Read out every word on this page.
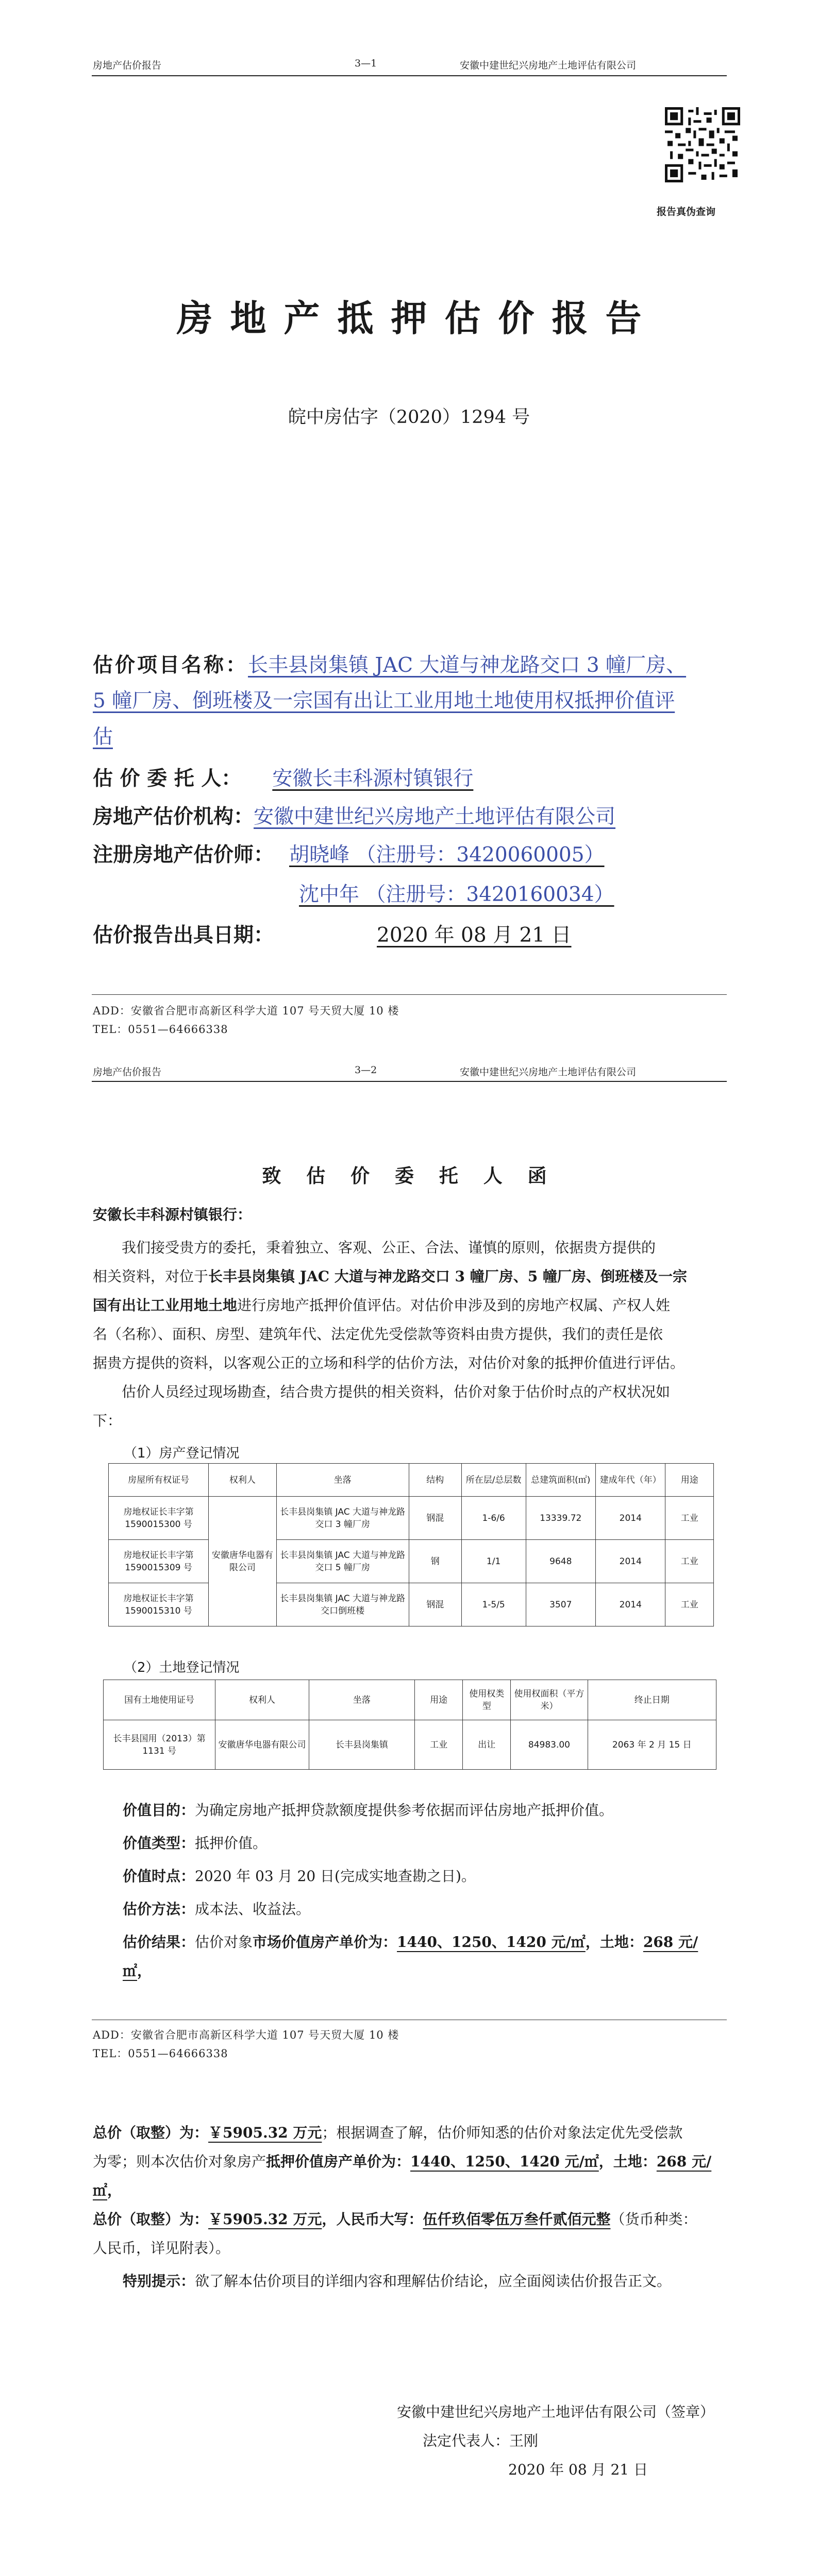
房地产估价报告	3—1	安徽中建世纪兴房地产土地评估有限公司
报告真伪查询
房地产抵押估价报告
皖中房估字（2020）1294 号
估价项目名称：长丰县岗集镇 JAC 大道与神龙路交口 3 幢厂房、
5 幢厂房、倒班楼及一宗国有出让工业用地土地使用权抵押价值评
估
估 价 委 托 人： 安徽长丰科源村镇银行
房地产估价机构：安徽中建世纪兴房地产土地评估有限公司
注册房地产估价师： 胡晓峰 （注册号：3420060005）
沈中年 （注册号：3420160034）
估价报告出具日期：	2020 年 08 月 21 日
ADD：安徽省合肥市高新区科学大道 107 号天贸大厦 10 楼
TEL：0551—64666338
房地产估价报告	3—2	安徽中建世纪兴房地产土地评估有限公司
致 估 价 委 托 人 函
安徽长丰科源村镇银行：
我们接受贵方的委托，秉着独立、客观、公正、合法、谨慎的原则，依据贵方提供的
相关资料，对位于长丰县岗集镇 JAC 大道与神龙路交口 3 幢厂房、5 幢厂房、倒班楼及一宗
国有出让工业用地土地进行房地产抵押价值评估。对估价申涉及到的房地产权属、产权人姓
名（名称）、面积、房型、建筑年代、法定优先受偿款等资料由贵方提供，我们的责任是依
据贵方提供的资料，以客观公正的立场和科学的估价方法，对估价对象的抵押价值进行评估。
估价人员经过现场勘查，结合贵方提供的相关资料，估价对象于估价时点的产权状况如
下：
（1）房产登记情况
房屋所有权证号	权利人	坐落	结构	所在层/总层数	总建筑面积(㎡)	建成年代（年）	用途
房地权证长丰字第1590015300 号	安徽唐华电器有限公司	长丰县岗集镇 JAC 大道与神龙路交口 3 幢厂房	钢混	1-6/6	13339.72	2014	工业
房地权证长丰字第1590015309 号		长丰县岗集镇 JAC 大道与神龙路交口 5 幢厂房	钢	1/1	9648	2014	工业
房地权证长丰字第1590015310 号		长丰县岗集镇 JAC 大道与神龙路交口倒班楼	钢混	1-5/5	3507	2014	工业
（2）土地登记情况
国有土地使用证号	权利人	坐落	用途	使用权类型	使用权面积（平方米）	终止日期
长丰县国用（2013）第1131 号	安徽唐华电器有限公司	长丰县岗集镇	工业	出让	84983.00	2063 年 2 月 15 日
价值目的：为确定房地产抵押贷款额度提供参考依据而评估房地产抵押价值。
价值类型：抵押价值。
价值时点：2020 年 03 月 20 日(完成实地查勘之日)。
估价方法：成本法、收益法。
估价结果：估价对象市场价值房产单价为：1440、1250、1420 元/㎡，土地：268 元/㎡，
ADD：安徽省合肥市高新区科学大道 107 号天贸大厦 10 楼
TEL：0551—64666338
总价（取整）为：￥5905.32 万元；根据调查了解，估价师知悉的估价对象法定优先受偿款
为零；则本次估价对象房产抵押价值房产单价为：1440、1250、1420 元/㎡，土地：268 元/㎡，
总价（取整）为：￥5905.32 万元，人民币大写：伍仟玖佰零伍万叁仟贰佰元整（货币种类：
人民币，详见附表）。
特别提示：欲了解本估价项目的详细内容和理解估价结论，应全面阅读估价报告正文。
安徽中建世纪兴房地产土地评估有限公司（签章）
法定代表人：王刚
2020 年 08 月 21 日
